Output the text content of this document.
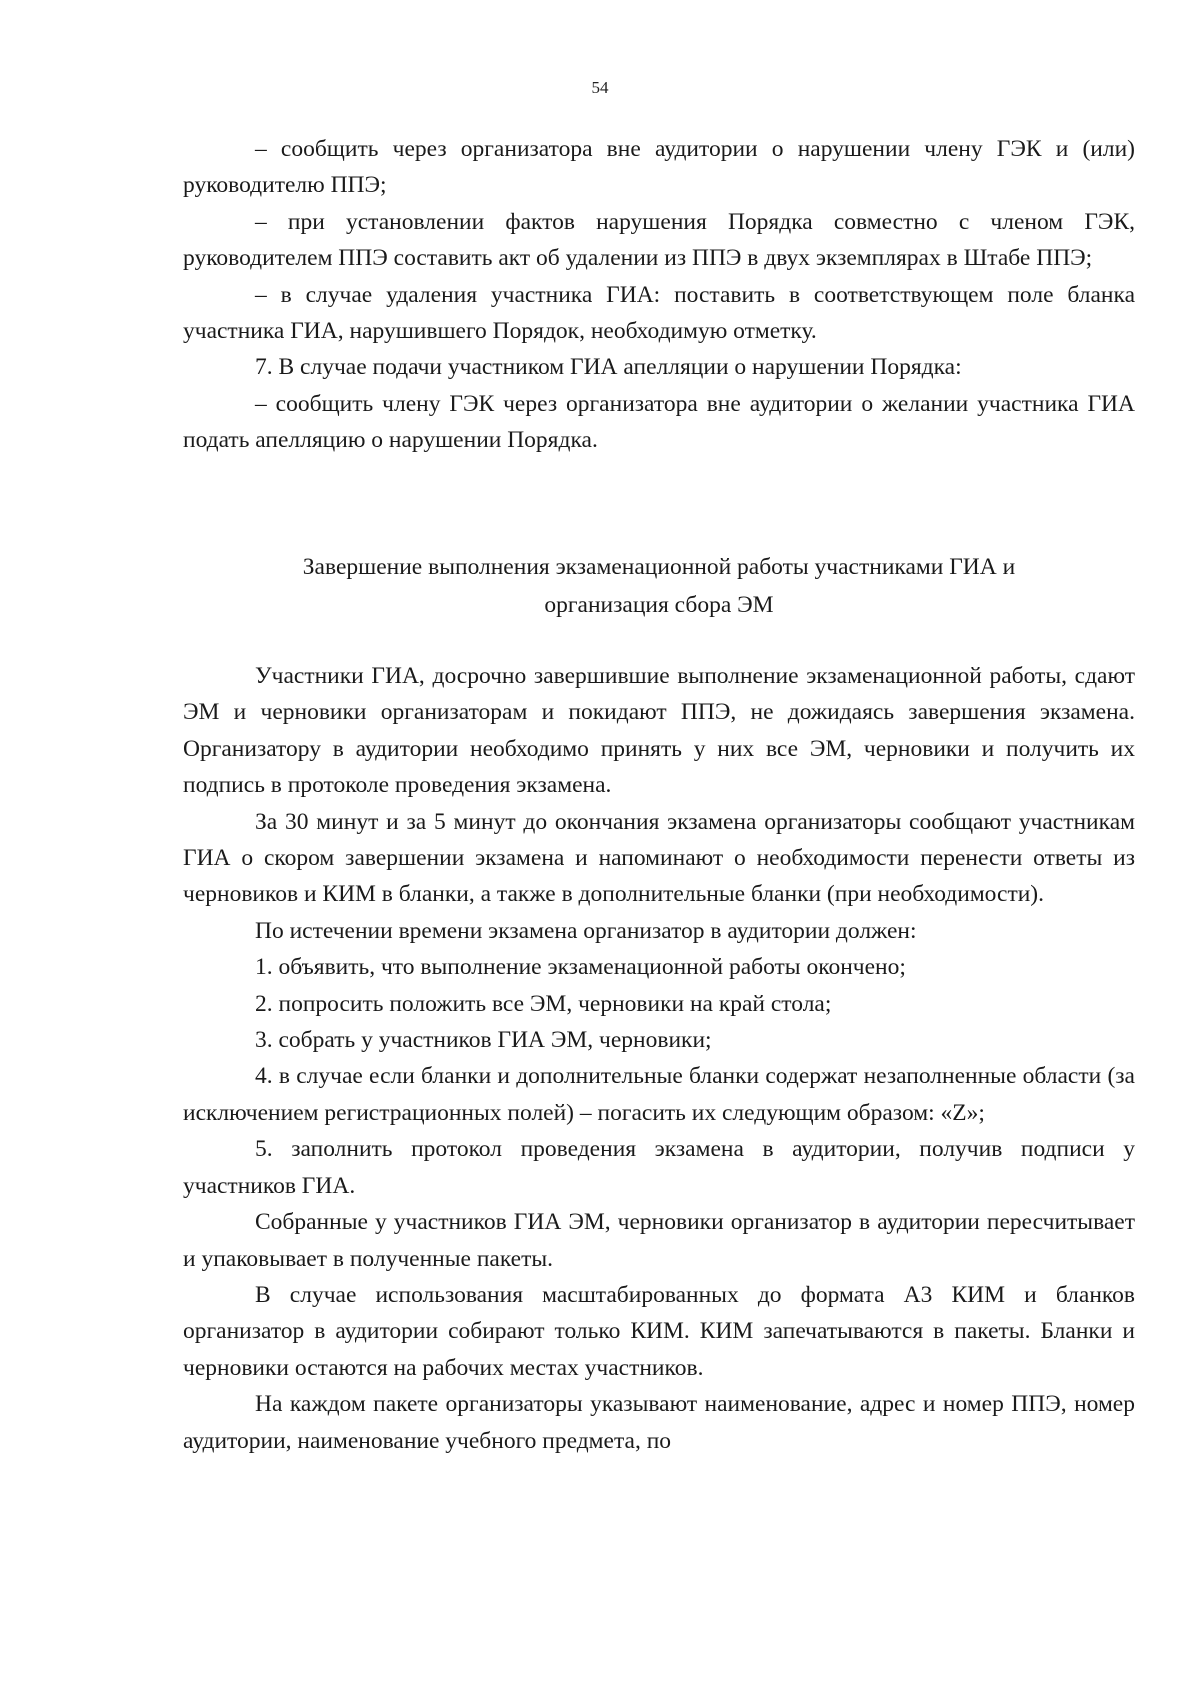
54

– сообщить через организатора вне аудитории о нарушении члену ГЭК и (или) руководителю ППЭ;

– при установлении фактов нарушения Порядка совместно с членом ГЭК, руководителем ППЭ составить акт об удалении из ППЭ в двух экземплярах в Штабе ППЭ;

– в случае удаления участника ГИА: поставить в соответствующем поле бланка участника ГИА, нарушившего Порядок, необходимую отметку.

7. В случае подачи участником ГИА апелляции о нарушении Порядка:

– сообщить члену ГЭК через организатора вне аудитории о желании участника ГИА подать апелляцию о нарушении Порядка.

Завершение выполнения экзаменационной работы участниками ГИА и
организация сбора ЭМ

Участники ГИА, досрочно завершившие выполнение экзаменационной работы, сдают ЭМ и черновики организаторам и покидают ППЭ, не дожидаясь завершения экзамена. Организатору в аудитории необходимо принять у них все ЭМ, черновики и получить их подпись в протоколе проведения экзамена.

За 30 минут и за 5 минут до окончания экзамена организаторы сообщают участникам ГИА о скором завершении экзамена и напоминают о необходимости перенести ответы из черновиков и КИМ в бланки, а также в дополнительные бланки (при необходимости).

По истечении времени экзамена организатор в аудитории должен:

1. объявить, что выполнение экзаменационной работы окончено;

2. попросить положить все ЭМ, черновики на край стола;

3. собрать у участников ГИА ЭМ, черновики;

4. в случае если бланки и дополнительные бланки содержат незаполненные области (за исключением регистрационных полей) – погасить их следующим образом: «Z»;

5. заполнить протокол проведения экзамена в аудитории, получив подписи у участников ГИА.

Собранные у участников ГИА ЭМ, черновики организатор в аудитории пересчитывает и упаковывает в полученные пакеты.

В случае использования масштабированных до формата А3 КИМ и бланков организатор в аудитории собирают только КИМ. КИМ запечатываются в пакеты. Бланки и черновики остаются на рабочих местах участников.

На каждом пакете организаторы указывают наименование, адрес и номер ППЭ, номер аудитории, наименование учебного предмета, по
